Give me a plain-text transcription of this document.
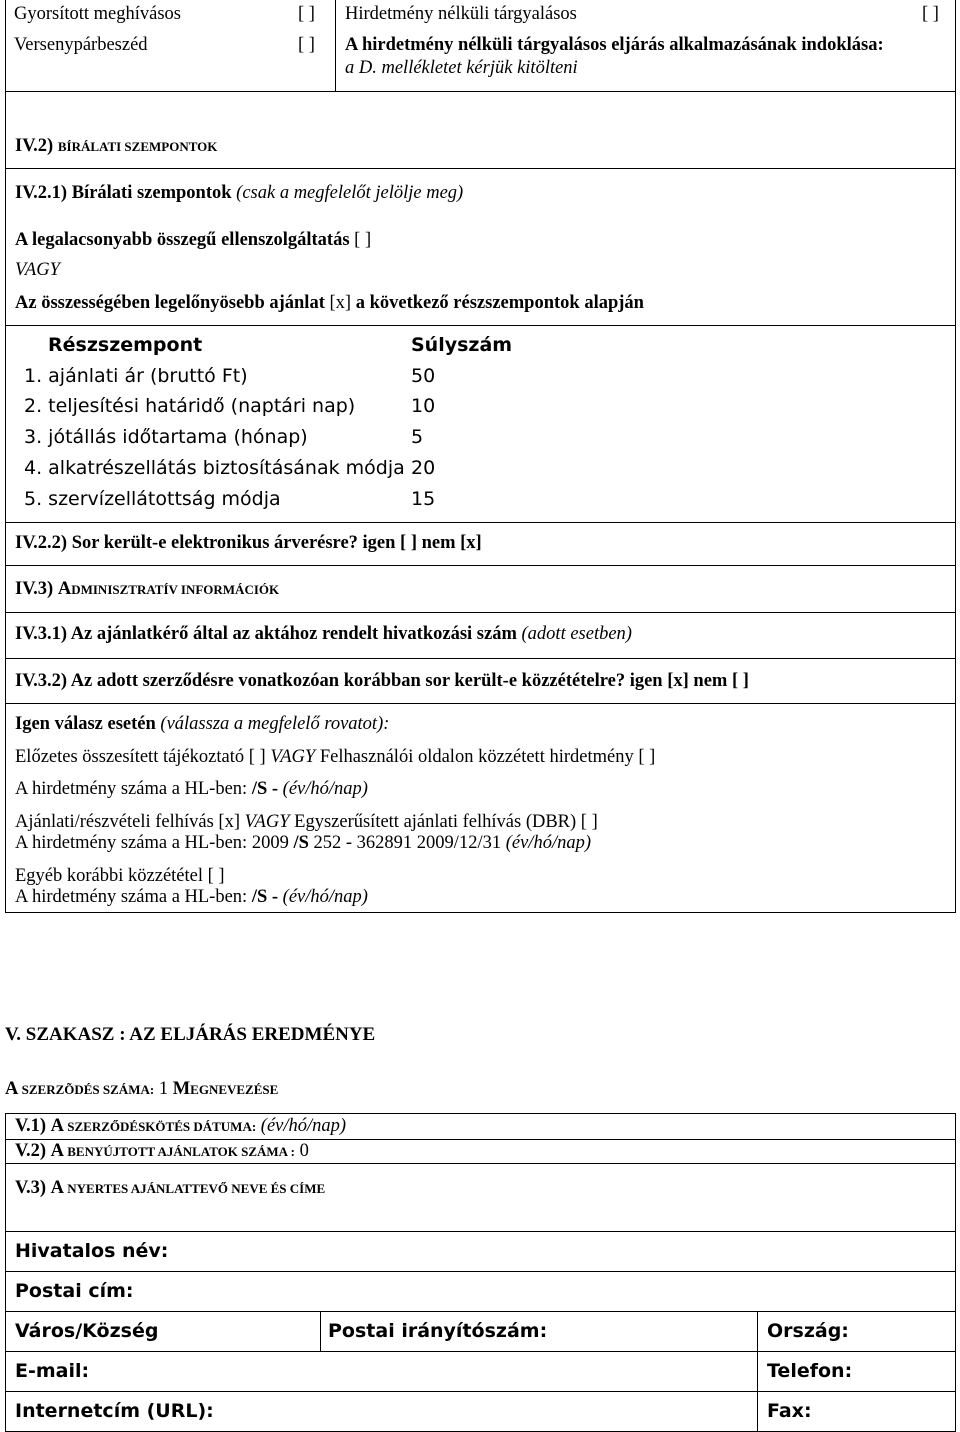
Gyorsított meghívásos	[ ] Hirdetmény nélküli tárgyalásos	[ ]
Versenypárbeszéd	[ ] A hirdetmény nélküli tárgyalásos eljárás alkalmazásának indoklása:
a D. mellékletet kérjük kitölteni
IV.2) BÍRÁLATI SZEMPONTOK
IV.2.1) Bírálati szempontok (csak a megfelelőt jelölje meg)
A legalacsonyabb összegű ellenszolgáltatás [ ]
VAGY
Az összességében legelőnyösebb ajánlat [x] a következő részszempontok alapján
Részszempont	Súlyszám
1. ajánlati ár (bruttó Ft)	50
2. teljesítési határidő (naptári nap)	10
3. jótállás időtartama (hónap)	5
4. alkatrészellátás biztosításának módja 20
5. szervízellátottság módja	15
IV.2.2) Sor került-e elektronikus árverésre? igen [ ] nem [x]
IV.3) ADMINISZTRATÍV INFORMÁCIÓK
IV.3.1) Az ajánlatkérő által az aktához rendelt hivatkozási szám (adott esetben)
IV.3.2) Az adott szerződésre vonatkozóan korábban sor került-e közzétételre? igen [x] nem [ ]
Igen válasz esetén (válassza a megfelelő rovatot):
Előzetes összesített tájékoztató [ ] VAGY Felhasználói oldalon közzétett hirdetmény [ ]
A hirdetmény száma a HL-ben: /S - (év/hó/nap)
Ajánlati/részvételi felhívás [x] VAGY Egyszerűsített ajánlati felhívás (DBR) [ ]
A hirdetmény száma a HL-ben: 2009 /S 252 - 362891 2009/12/31 (év/hó/nap)
Egyéb korábbi közzététel [ ]
A hirdetmény száma a HL-ben: /S - (év/hó/nap)
V. SZAKASZ : AZ ELJÁRÁS EREDMÉNYE
A SZERZÕDÉS SZÁMA: 1 MEGNEVEZÉSE
V.1) A SZERZŐDÉSKÖTÉS DÁTUMA: (év/hó/nap)
V.2) A BENYÚJTOTT AJÁNLATOK SZÁMA : 0
V.3) A NYERTES AJÁNLATTEVŐ NEVE ÉS CÍME
Hivatalos név:
Postai cím:
Város/Község	Postai irányítószám:	Ország:
E-mail:	Telefon:
Internetcím (URL):	Fax:
